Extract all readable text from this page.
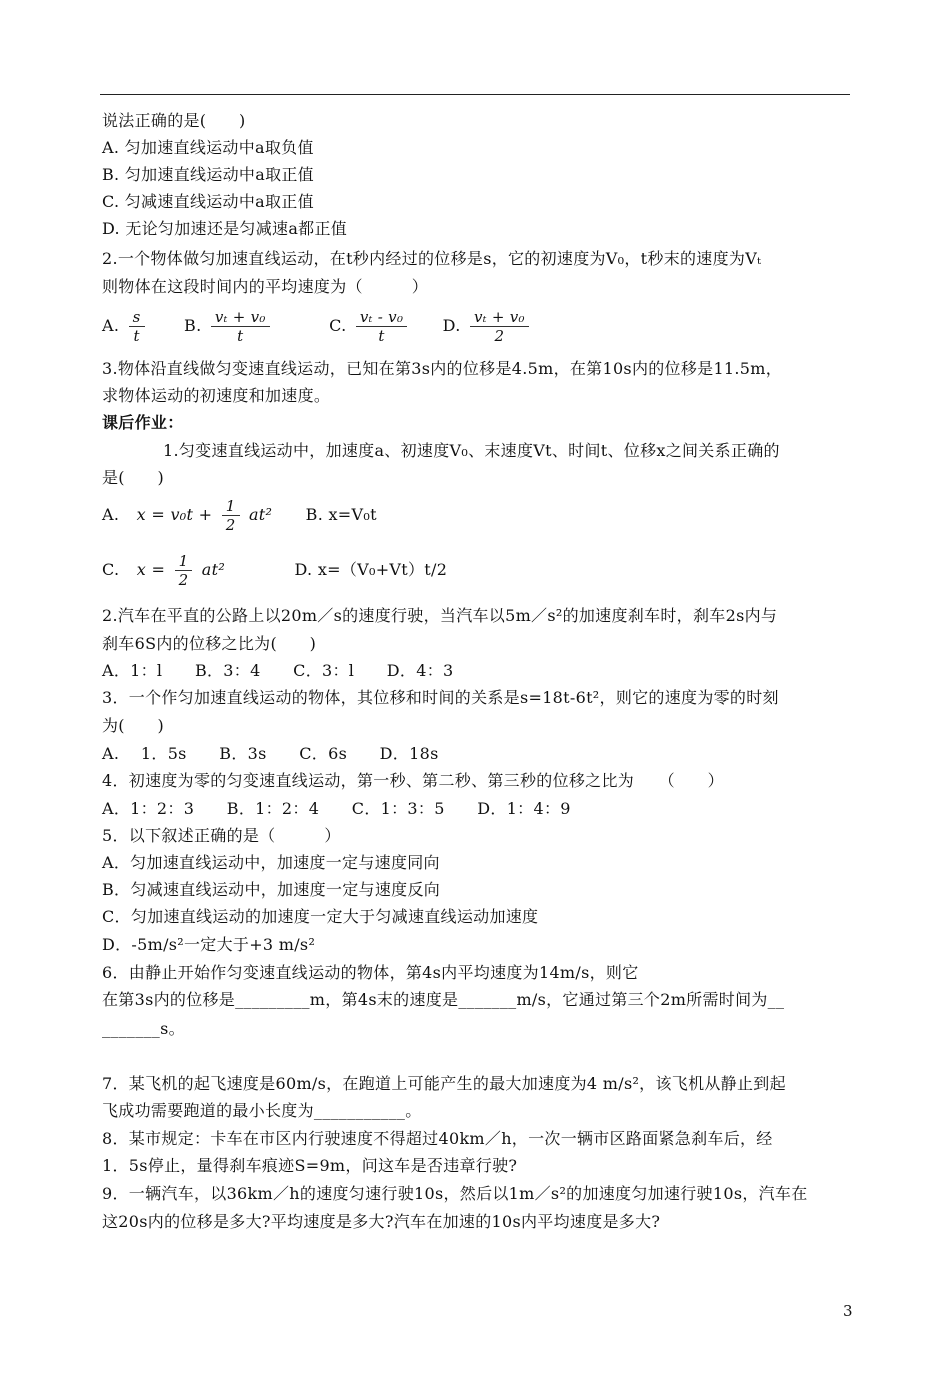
说法正确的是(　　)
A. 匀加速直线运动中a取负值
B. 匀加速直线运动中a取正值
C. 匀减速直线运动中a取正值
D. 无论匀加速还是匀减速a都正值
2.一个物体做匀加速直线运动，在t秒内经过的位移是s，它的初速度为V₀，t秒末的速度为Vₜ
则物体在这段时间内的平均速度为（　　　）
A. $\frac{s}{t} B$. $\frac{\text{vₜ + v₀}}{t}$	C. $\frac{\text{vₜ - v₀}}{t} D$. $\frac{\text{vₜ + v₀}}{2}$
3.物体沿直线做匀变速直线运动，已知在第3s内的位移是4.5m，在第10s内的位移是11.5m，
求物体运动的初速度和加速度。
课后作业：
1.匀变速直线运动中，加速度a、初速度V₀、末速度Vt、时间t、位移x之间关系正确的
是(　　)
A. $x = v_0t + \frac{1}{2} at^2$ B. x=V₀t
C. $x = \frac{1}{2} at^2$	D. x=（V₀+Vt）t/2
2.汽车在平直的公路上以20m／s的速度行驶，当汽车以5m／s²的加速度刹车时，刹车2s内与
刹车6S内的位移之比为(　　)
A．1：l　　B．3：4　　C．3：l　　D．4：3
3．一个作匀加速直线运动的物体，其位移和时间的关系是s=18t-6t²，则它的速度为零的时刻
为(　　)
A.　 1．5s　　B．3s　　C．6s　　D．18s
4．初速度为零的匀变速直线运动，第一秒、第二秒、第三秒的位移之比为　　（　　）
A．1：2：3　　B．1：2：4　　C．1：3：5　　D．1：4：9
5．以下叙述正确的是（　　　）
A．匀加速直线运动中，加速度一定与速度同向
B．匀减速直线运动中，加速度一定与速度反向
C．匀加速直线运动的加速度一定大于匀减速直线运动加速度
D．-5m/s²一定大于+3 m/s²
6．由静止开始作匀变速直线运动的物体，第4s内平均速度为14m/s，则它
在第3s内的位移是_________m，第4s末的速度是_______m/s，它通过第三个2m所需时间为__
_______s。
7．某飞机的起飞速度是60m/s，在跑道上可能产生的最大加速度为4 m/s²，该飞机从静止到起
飞成功需要跑道的最小长度为___________。
8．某市规定：卡车在市区内行驶速度不得超过40km／h，一次一辆市区路面紧急刹车后，经
1．5s停止，量得刹车痕迹S=9m，问这车是否违章行驶?
9．一辆汽车，以36km／h的速度匀速行驶10s，然后以1m／s²的加速度匀加速行驶10s，汽车在
这20s内的位移是多大?平均速度是多大?汽车在加速的10s内平均速度是多大?
3
